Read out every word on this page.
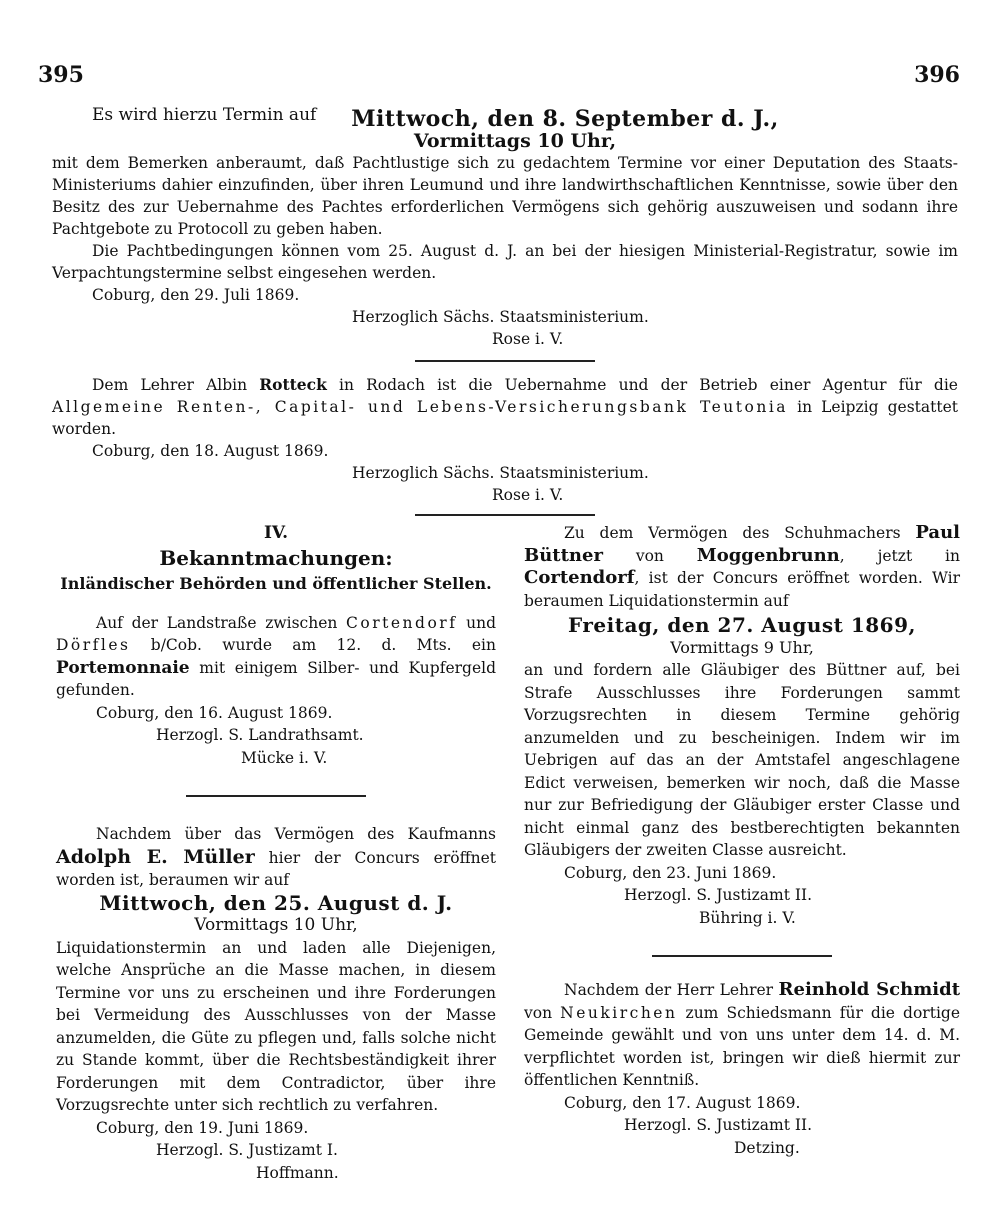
395	396

Es wird hierzu Termin auf	Mittwoch, den 8. September d. J.,

Vormittags 10 Uhr,

mit dem Bemerken anberaumt, daß Pachtlustige sich zu gedachtem Termine vor einer Deputation des Staats-Ministeriums dahier einzufinden, über ihren Leumund und ihre landwirthschaftlichen Kenntnisse, sowie über den Besitz des zur Uebernahme des Pachtes erforderlichen Vermögens sich gehörig auszuweisen und sodann ihre Pachtgebote zu Protocoll zu geben haben.

Die Pachtbedingungen können vom 25. August d. J. an bei der hiesigen Ministerial-Registratur, sowie im Verpachtungstermine selbst eingesehen werden.

Coburg, den 29. Juli 1869.

Herzoglich Sächs. Staatsministerium.

Rose i. V.

Dem Lehrer Albin Rotteck in Rodach ist die Uebernahme und der Betrieb einer Agentur für die Allgemeine Renten-, Capital- und Lebens-Versicherungsbank Teutonia in Leipzig gestattet worden.

Coburg, den 18. August 1869.

Herzoglich Sächs. Staatsministerium.

Rose i. V.

IV.

Bekanntmachungen:

Inländischer Behörden und öffentlicher Stellen.

Auf der Landstraße zwischen Cortendorf und Dörfles b/Cob. wurde am 12. d. Mts. ein Portemonnaie mit einigem Silber- und Kupfergeld gefunden.

Coburg, den 16. August 1869.

Herzogl. S. Landrathsamt.

Mücke i. V.

Nachdem über das Vermögen des Kaufmanns Adolph E. Müller hier der Concurs eröffnet worden ist, beraumen wir auf

Mittwoch, den 25. August d. J.

Vormittags 10 Uhr,

Liquidationstermin an und laden alle Diejenigen, welche Ansprüche an die Masse machen, in diesem Termine vor uns zu erscheinen und ihre Forderungen bei Vermeidung des Ausschlusses von der Masse anzumelden, die Güte zu pflegen und, falls solche nicht zu Stande kommt, über die Rechtsbeständigkeit ihrer Forderungen mit dem Contradictor, über ihre Vorzugsrechte unter sich rechtlich zu verfahren.

Coburg, den 19. Juni 1869.

Herzogl. S. Justizamt I.

Hoffmann.

Zu dem Vermögen des Schuhmachers Paul Büttner von Moggenbrunn, jetzt in Cortendorf, ist der Concurs eröffnet worden. Wir beraumen Liquidationstermin auf

Freitag, den 27. August 1869,

Vormittags 9 Uhr,

an und fordern alle Gläubiger des Büttner auf, bei Strafe Ausschlusses ihre Forderungen sammt Vorzugsrechten in diesem Termine gehörig anzumelden und zu bescheinigen. Indem wir im Uebrigen auf das an der Amtstafel angeschlagene Edict verweisen, bemerken wir noch, daß die Masse nur zur Befriedigung der Gläubiger erster Classe und nicht einmal ganz des bestberechtigten bekannten Gläubigers der zweiten Classe ausreicht.

Coburg, den 23. Juni 1869.

Herzogl. S. Justizamt II.

Bühring i. V.

Nachdem der Herr Lehrer Reinhold Schmidt von Neukirchen zum Schiedsmann für die dortige Gemeinde gewählt und von uns unter dem 14. d. M. verpflichtet worden ist, bringen wir dieß hiermit zur öffentlichen Kenntniß.

Coburg, den 17. August 1869.

Herzogl. S. Justizamt II.

Detzing.
